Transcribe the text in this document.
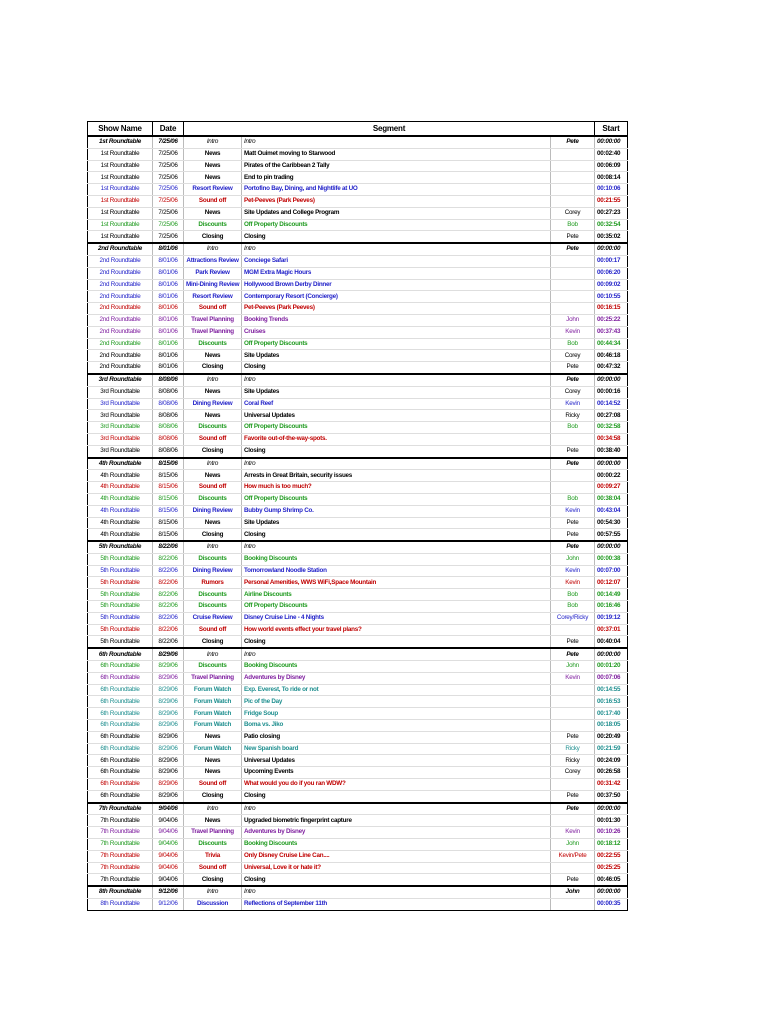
Show Name	Date	Segment			Start
1st Roundtable	7/25/06	Intro	Intro	Pete	00:00:00
1st Roundtable	7/25/06	News	Matt Ouimet moving to Starwood		00:02:40
1st Roundtable	7/25/06	News	Pirates of the Caribbean 2 Tally		00:06:09
1st Roundtable	7/25/06	News	End to pin trading		00:08:14
1st Roundtable	7/25/06	Resort Review	Portofino Bay, Dining, and Nightlife at UO		00:10:06
1st Roundtable	7/25/06	Sound off	Pet-Peeves (Park Peeves)		00:21:55
1st Roundtable	7/25/06	News	Site Updates and College Program	Corey	00:27:23
1st Roundtable	7/25/06	Discounts	Off Property Discounts	Bob	00:32:54
1st Roundtable	7/25/06	Closing	Closing	Pete	00:35:02
2nd Roundtable	8/01/06	Intro	Intro	Pete	00:00:00
2nd Roundtable	8/01/06	Attractions Review	Conciege Safari		00:00:17
2nd Roundtable	8/01/06	Park Review	MGM Extra Magic Hours		00:06:20
2nd Roundtable	8/01/06	Mini-Dining Review	Hollywood Brown Derby Dinner		00:09:02
2nd Roundtable	8/01/06	Resort Review	Contemporary Resort (Concierge)		00:10:55
2nd Roundtable	8/01/06	Sound off	Pet-Peeves (Park Peeves)		00:16:15
2nd Roundtable	8/01/06	Travel Planning	Booking Trends	John	00:25:22
2nd Roundtable	8/01/06	Travel Planning	Cruises	Kevin	00:37:43
2nd Roundtable	8/01/06	Discounts	Off Property Discounts	Bob	00:44:34
2nd Roundtable	8/01/06	News	Site Updates	Corey	00:46:18
2nd Roundtable	8/01/06	Closing	Closing	Pete	00:47:32
3rd Roundtable	8/08/06	Intro	Intro	Pete	00:00:00
3rd Roundtable	8/08/06	News	Site Updates	Corey	00:00:16
3rd Roundtable	8/08/06	Dining Review	Coral Reef	Kevin	00:14:52
3rd Roundtable	8/08/06	News	Universal Updates	Ricky	00:27:08
3rd Roundtable	8/08/06	Discounts	Off Property Discounts	Bob	00:32:58
3rd Roundtable	8/08/06	Sound off	Favorite out-of-the-way-spots.		00:34:58
3rd Roundtable	8/08/06	Closing	Closing	Pete	00:38:40
4th Roundtable	8/15/06	Intro	Intro	Pete	00:00:00
4th Roundtable	8/15/06	News	Arrests in Great Britain, security issues		00:00:22
4th Roundtable	8/15/06	Sound off	How much is too much?		00:09:27
4th Roundtable	8/15/06	Discounts	Off Property Discounts	Bob	00:38:04
4th Roundtable	8/15/06	Dining Review	Bubby Gump Shrimp Co.	Kevin	00:43:04
4th Roundtable	8/15/06	News	Site Updates	Pete	00:54:30
4th Roundtable	8/15/06	Closing	Closing	Pete	00:57:55
5th Roundtable	8/22/06	Intro	Intro	Pete	00:00:00
5th Roundtable	8/22/06	Discounts	Booking Discounts	John	00:00:38
5th Roundtable	8/22/06	Dining Review	Tomorrowland Noodle Station	Kevin	00:07:00
5th Roundtable	8/22/06	Rumors	Personal Amenities, WWS WiFi,Space Mountain	Kevin	00:12:07
5th Roundtable	8/22/06	Discounts	Airline Discounts	Bob	00:14:49
5th Roundtable	8/22/06	Discounts	Off Property Discounts	Bob	00:16:46
5th Roundtable	8/22/06	Cruise Review	Disney Cruise Line - 4 Nights	Corey/Ricky	00:19:12
5th Roundtable	8/22/06	Sound off	How world events effect your travel plans?		00:37:01
5th Roundtable	8/22/06	Closing	Closing	Pete	00:40:04
6th Roundtable	8/29/06	Intro	Intro	Pete	00:00:00
6th Roundtable	8/29/06	Discounts	Booking Discounts	John	00:01:20
6th Roundtable	8/29/06	Travel Planning	Adventures by Disney	Kevin	00:07:06
6th Roundtable	8/29/06	Forum Watch	Exp. Everest, To ride or not		00:14:55
6th Roundtable	8/29/06	Forum Watch	Pic of the Day		00:16:53
6th Roundtable	8/29/06	Forum Watch	Fridge Soup		00:17:40
6th Roundtable	8/29/06	Forum Watch	Boma vs. Jiko		00:18:05
6th Roundtable	8/29/06	News	Patio closing	Pete	00:20:49
6th Roundtable	8/29/06	Forum Watch	New Spanish board	Ricky	00:21:59
6th Roundtable	8/29/06	News	Universal Updates	Ricky	00:24:09
6th Roundtable	8/29/06	News	Upcoming Events	Corey	00:26:58
6th Roundtable	8/29/06	Sound off	What would you do if you ran WDW?		00:31:42
6th Roundtable	8/29/06	Closing	Closing	Pete	00:37:50
7th Roundtable	9/04/06	Intro	Intro	Pete	00:00:00
7th Roundtable	9/04/06	News	Upgraded biometric fingerprint capture		00:01:30
7th Roundtable	9/04/06	Travel Planning	Adventures by Disney	Kevin	00:10:26
7th Roundtable	9/04/06	Discounts	Booking Discounts	John	00:18:12
7th Roundtable	9/04/06	Trivia	Only Disney Cruise Line Can....	Kevin/Pete	00:22:55
7th Roundtable	9/04/06	Sound off	Universal, Love it or hate it?		00:25:25
7th Roundtable	9/04/06	Closing	Closing	Pete	00:46:05
8th Roundtable	9/12/06	Intro	Intro	John	00:00:00
8th Roundtable	9/12/06	Discussion	Reflections of September 11th		00:00:35
